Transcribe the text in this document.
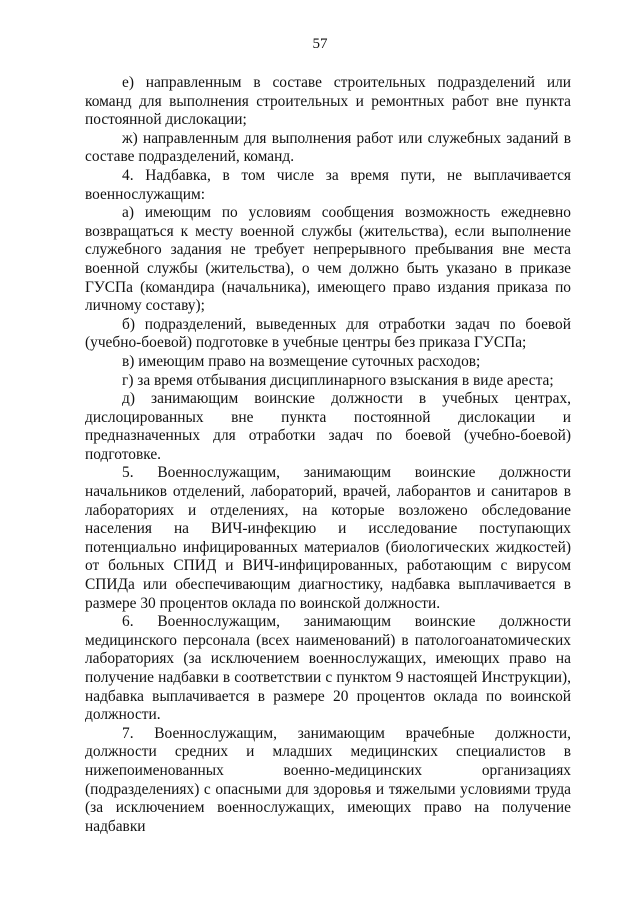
57

е) направленным в составе строительных подразделений или команд для выполнения строительных и ремонтных работ вне пункта постоянной дислокации;

ж) направленным для выполнения работ или служебных заданий в составе подразделений, команд.

4. Надбавка, в том числе за время пути, не выплачивается военнослужащим:

а) имеющим по условиям сообщения возможность ежедневно возвращаться к месту военной службы (жительства), если выполнение служебного задания не требует непрерывного пребывания вне места военной службы (жительства), о чем должно быть указано в приказе ГУСПа (командира (начальника), имеющего право издания приказа по личному составу);

б) подразделений, выведенных для отработки задач по боевой (учебно-боевой) подготовке в учебные центры без приказа ГУСПа;

в) имеющим право на возмещение суточных расходов;

г) за время отбывания дисциплинарного взыскания в виде ареста;

д) занимающим воинские должности в учебных центрах, дислоцированных вне пункта постоянной дислокации и предназначенных для отработки задач по боевой (учебно-боевой) подготовке.

5. Военнослужащим, занимающим воинские должности начальников отделений, лабораторий, врачей, лаборантов и санитаров в лабораториях и отделениях, на которые возложено обследование населения на ВИЧ-инфекцию и исследование поступающих потенциально инфицированных материалов (биологических жидкостей) от больных СПИД и ВИЧ-инфицированных, работающим с вирусом СПИДа или обеспечивающим диагностику, надбавка выплачивается в размере 30 процентов оклада по воинской должности.

6. Военнослужащим, занимающим воинские должности медицинского персонала (всех наименований) в патологоанатомических лабораториях (за исключением военнослужащих, имеющих право на получение надбавки в соответствии с пунктом 9 настоящей Инструкции), надбавка выплачивается в размере 20 процентов оклада по воинской должности.

7. Военнослужащим, занимающим врачебные должности, должности средних и младших медицинских специалистов в нижепоименованных военно-медицинских организациях (подразделениях) с опасными для здоровья и тяжелыми условиями труда (за исключением военнослужащих, имеющих право на получение надбавки
